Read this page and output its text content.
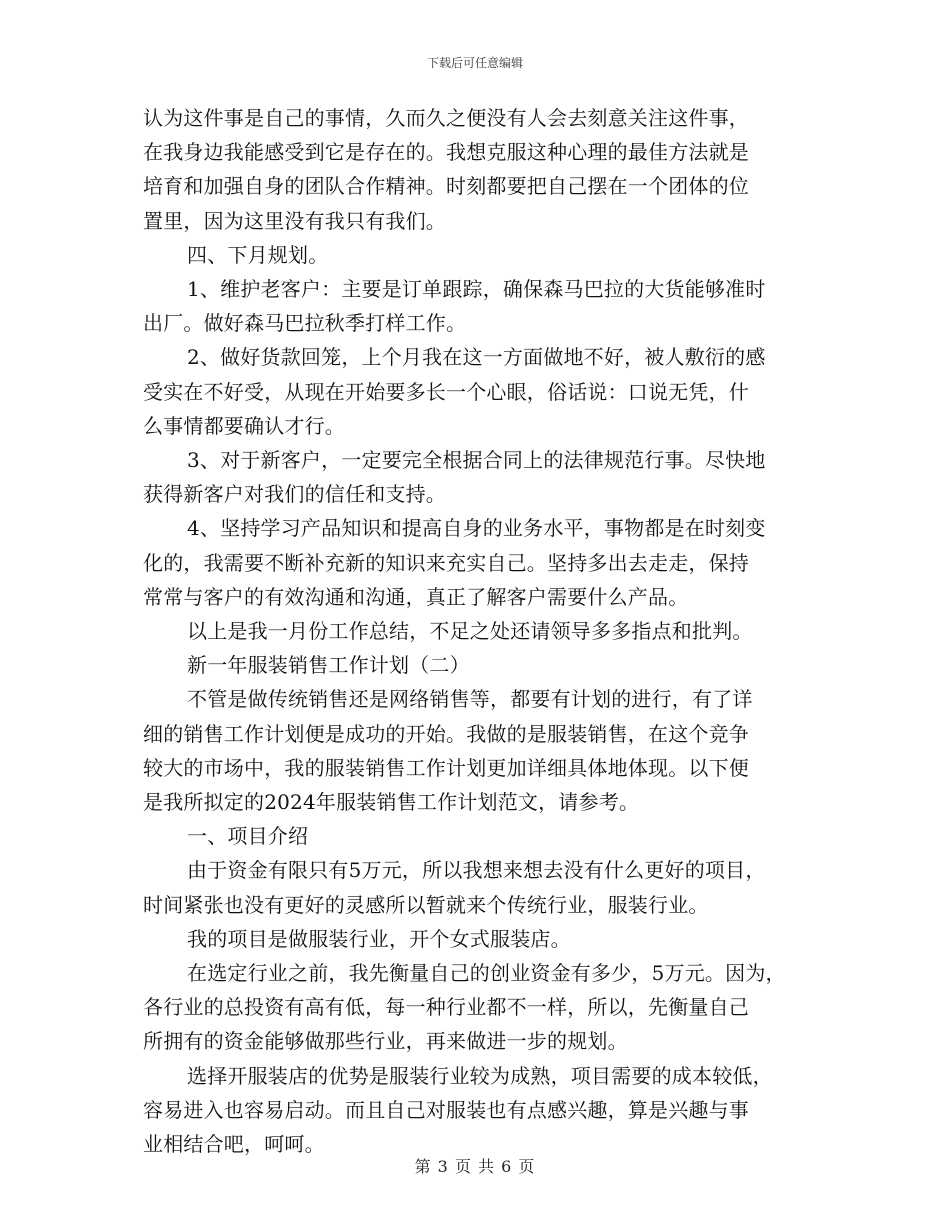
下载后可任意编辑
认为这件事是自己的事情，久而久之便没有人会去刻意关注这件事，
在我身边我能感受到它是存在的。我想克服这种心理的最佳方法就是
培育和加强自身的团队合作精神。时刻都要把自己摆在一个团体的位
置里，因为这里没有我只有我们。
四、下月规划。
1、维护老客户：主要是订单跟踪，确保森马巴拉的大货能够准时
出厂。做好森马巴拉秋季打样工作。
2、做好货款回笼，上个月我在这一方面做地不好，被人敷衍的感
受实在不好受，从现在开始要多长一个心眼，俗话说：口说无凭，什
么事情都要确认才行。
3、对于新客户，一定要完全根据合同上的法律规范行事。尽快地
获得新客户对我们的信任和支持。
4、坚持学习产品知识和提高自身的业务水平，事物都是在时刻变
化的，我需要不断补充新的知识来充实自己。坚持多出去走走，保持
常常与客户的有效沟通和沟通，真正了解客户需要什么产品。
以上是我一月份工作总结，不足之处还请领导多多指点和批判。
新一年服装销售工作计划（二）
不管是做传统销售还是网络销售等，都要有计划的进行，有了详
细的销售工作计划便是成功的开始。我做的是服装销售，在这个竞争
较大的市场中，我的服装销售工作计划更加详细具体地体现。以下便
是我所拟定的2024年服装销售工作计划范文，请参考。
一、项目介绍
由于资金有限只有5万元，所以我想来想去没有什么更好的项目，
时间紧张也没有更好的灵感所以暂就来个传统行业，服装行业。
我的项目是做服装行业，开个女式服装店。
在选定行业之前，我先衡量自己的创业资金有多少，5万元。因为，
各行业的总投资有高有低，每一种行业都不一样，所以，先衡量自己
所拥有的资金能够做那些行业，再来做进一步的规划。
选择开服装店的优势是服装行业较为成熟，项目需要的成本较低，
容易进入也容易启动。而且自己对服装也有点感兴趣，算是兴趣与事
业相结合吧，呵呵。
第 3 页 共 6 页
